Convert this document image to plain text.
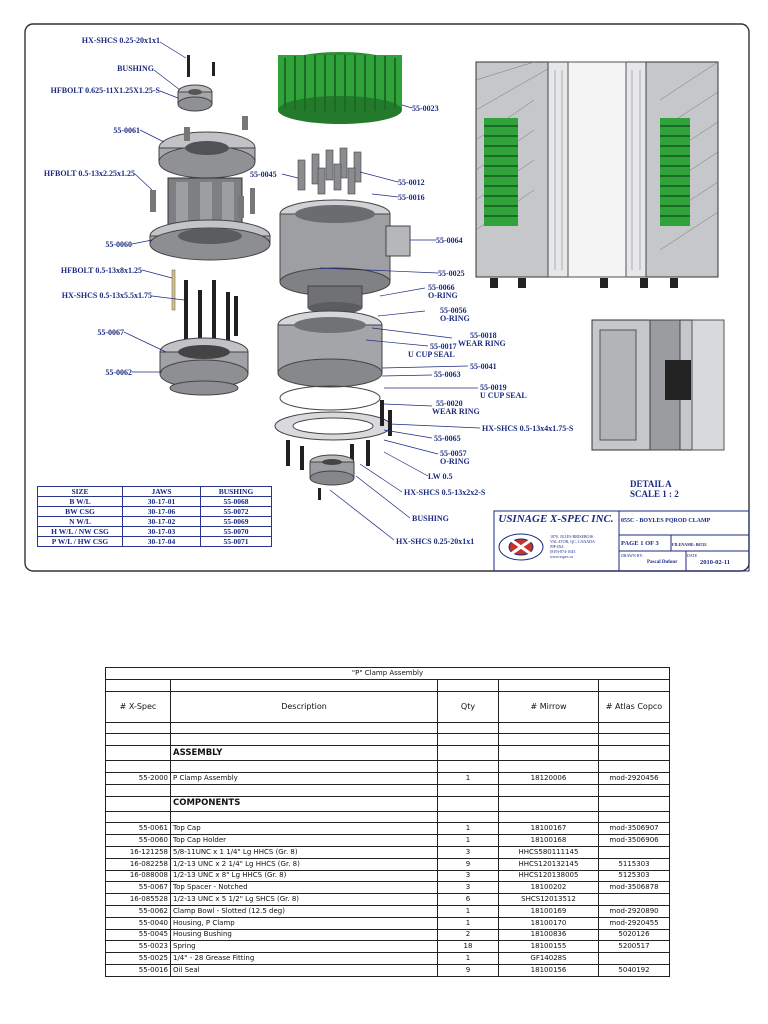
HX-SHCS 0.25-20x1x1
BUSHING
HFBOLT 0.625-11X1.25X1.25-S
55-0061
HFBOLT 0.5-13x2.25x1.25
55-0060
HFBOLT 0.5-13x8x1.25
HX-SHCS 0.5-13x5.5x1.75
55-0067
55-0062
55-0023
55-0045
55-0012
55-0016
55-0064
55-0025
55-0066
O-RING
55-0056
O-RING
55-0018
WEAR RING
55-0017
U CUP SEAL
55-0041
55-0063
55-0019
U CUP SEAL
55-0020
WEAR RING
HX-SHCS 0.5-13x4x1.75-S
55-0065
55-0057
O-RING
LW 0.5
HX-SHCS 0.5-13x2x2-S
BUSHING
HX-SHCS 0.25-20x1x1
DETAIL A
SCALE 1 : 2
SIZE	JAWS	BUSHING
B W/L	30-17-01	55-0068
BW CSG	30-17-06	55-0072
N W/L	30-17-02	55-0069
H W/L / NW CSG	30-17-03	55-0070
P W/L / HW CSG	30-17-04	55-0071
USINAGE X-SPEC INC.
1870, JULES BRISEBOIS
VAL-D'OR, QC, CANADA
J9P 6X4
(819)-874-1045
www.xspec.ca
055C - BOYLES PQROD CLAMP
PAGE 1 OF 3	FILENAME: B6743
DRAWN BY:
Pascal Dufour
DATE
2010-02-11
"P" Clamp Assembly				

# X-Spec	Description	Qty	# Mirrow	# Atlas Copco

	ASSEMBLY			

55-2000	P Clamp Assembly	1	18120006	mod-2920456

	COMPONENTS			

55-0061	Top Cap	1	18100167	mod-3506907
55-0060	Top Cap Holder	1	18100168	mod-3506906
16-121258	5/8-11UNC x 1 1/4" Lg HHCS (Gr. 8)	3	HHCS580111145	
16-082258	1/2-13 UNC x 2 1/4" Lg HHCS (Gr. 8)	9	HHCS120132145	5115303
16-088008	1/2-13 UNC x 8" Lg HHCS (Gr. 8)	3	HHCS120138005	5125303
55-0067	Top Spacer - Notched	3	18100202	mod-3506878
16-085528	1/2-13 UNC x 5 1/2" Lg SHCS (Gr. 8)	6	SHCS12013512	
55-0062	Clamp Bowl - Slotted (12.5 deg)	1	18100169	mod-2920890
55-0040	Housing, P Clamp	1	18100170	mod-2920455
55-0045	Housing Bushing	2	18100836	5020126
55-0023	Spring	18	18100155	5200517
55-0025	1/4" - 28 Grease Fitting	1	GF14028S	
55-0016	Oil Seal	9	18100156	5040192
